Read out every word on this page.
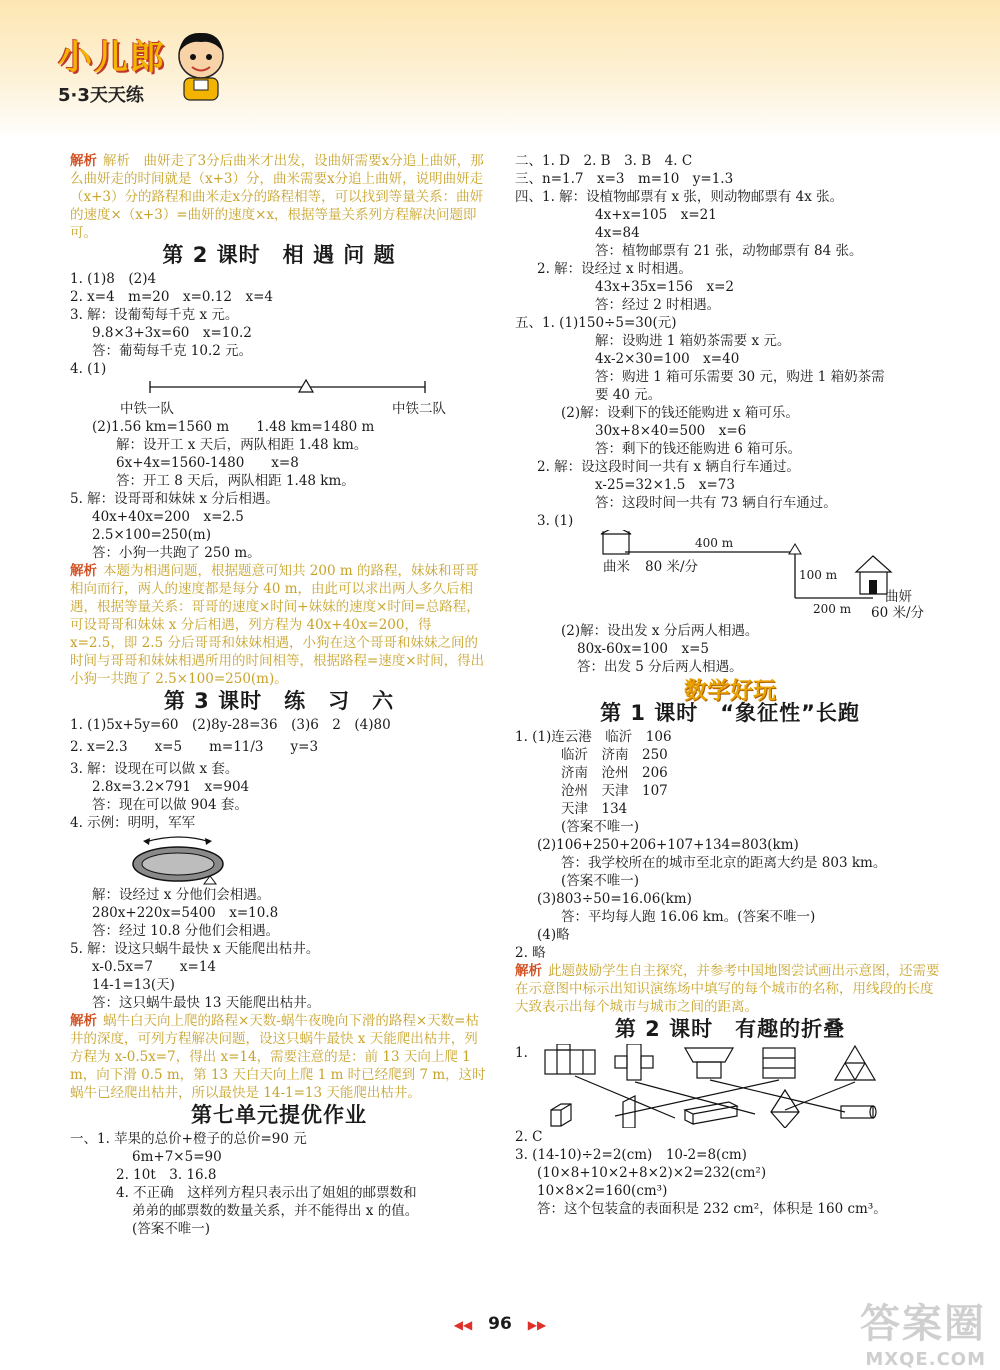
小儿郎
5·3天天练
解析 解析　曲妍走了3分后曲米才出发，设曲妍需要x分追上曲妍，那么曲妍走的时间就是（x+3）分，曲米需要x分追上曲妍，说明曲妍走（x+3）分的路程和曲米走x分的路程相等，可以找到等量关系：曲妍的速度×（x+3）=曲妍的速度×x，根据等量关系列方程解决问题即可。
第 2 课时　相 遇 问 题
1. (1)8　(2)4
2. x=4　m=20　x=0.12　x=4
3. 解：设葡萄每千克 x 元。
9.8×3+3x=60　x=10.2
答：葡萄每千克 10.2 元。
4. (1)
中铁一队	中铁二队
(2)1.56 km=1560 m　　1.48 km=1480 m
解：设开工 x 天后，两队相距 1.48 km。
6x+4x=1560-1480　　x=8
答：开工 8 天后，两队相距 1.48 km。
5. 解：设哥哥和妹妹 x 分后相遇。
40x+40x=200　x=2.5
2.5×100=250(m)
答：小狗一共跑了 250 m。
解析 本题为相遇问题，根据题意可知共 200 m 的路程，妹妹和哥哥相向而行，两人的速度都是每分 40 m，由此可以求出两人多久后相遇，根据等量关系：哥哥的速度×时间+妹妹的速度×时间=总路程，可设哥哥和妹妹 x 分后相遇，列方程为 40x+40x=200，得 x=2.5，即 2.5 分后哥哥和妹妹相遇，小狗在这个哥哥和妹妹之间的时间与哥哥和妹妹相遇所用的时间相等，根据路程=速度×时间，得出小狗一共跑了 2.5×100=250(m)。
第 3 课时　练　习　六
1. (1)5x+5y=60　(2)8y-28=36　(3)6　2　(4)80
2. x=2.3　　x=5　　m=11/3　　y=3
3. 解：设现在可以做 x 套。
2.8x=3.2×791　x=904
答：现在可以做 904 套。
4. 示例：明明，军军
解：设经过 x 分他们会相遇。
280x+220x=5400　x=10.8
答：经过 10.8 分他们会相遇。
5. 解：设这只蜗牛最快 x 天能爬出枯井。
x-0.5x=7　　x=14
14-1=13(天)
答：这只蜗牛最快 13 天能爬出枯井。
解析 蜗牛白天向上爬的路程×天数-蜗牛夜晚向下滑的路程×天数=枯井的深度，可列方程解决问题，设这只蜗牛最快 x 天能爬出枯井，列方程为 x-0.5x=7，得出 x=14，需要注意的是：前 13 天向上爬 1 m，向下滑 0.5 m，第 13 天白天向上爬 1 m 时已经爬到 7 m，这时蜗牛已经爬出枯井，所以最快是 14-1=13 天能爬出枯井。
第七单元提优作业
一、1. 苹果的总价+橙子的总价=90 元
6m+7×5=90
2. 10t　3. 16.8
4. 不正确　这样列方程只表示出了姐姐的邮票数和
弟弟的邮票数的数量关系，并不能得出 x 的值。
(答案不唯一)
二、1. D　2. B　3. B　4. C
三、n=1.7　x=3　m=10　y=1.3
四、1. 解：设植物邮票有 x 张，则动物邮票有 4x 张。
4x+x=105　x=21
4x=84
答：植物邮票有 21 张，动物邮票有 84 张。
2. 解：设经过 x 时相遇。
43x+35x=156　x=2
答：经过 2 时相遇。
五、1. (1)150÷5=30(元)
解：设购进 1 箱奶茶需要 x 元。
4x-2×30=100　x=40
答：购进 1 箱可乐需要 30 元，购进 1 箱奶茶需
要 40 元。
(2)解：设剩下的钱还能购进 x 箱可乐。
30x+8×40=500　x=6
答：剩下的钱还能购进 6 箱可乐。
2. 解：设这段时间一共有 x 辆自行车通过。
x-25=32×1.5　x=73
答：这段时间一共有 73 辆自行车通过。
3. (1)
400 m
100 m
200 m
曲米 80 米/分
曲妍
60 米/分
(2)解：设出发 x 分后两人相遇。
80x-60x=100　x=5
答：出发 5 分后两人相遇。
数学好玩
第 1 课时　“象征性”长跑
1. (1)连云港　临沂　106
临沂　济南　250
济南　沧州　206
沧州　天津　107
天津　134
(答案不唯一)
(2)106+250+206+107+134=803(km)
答：我学校所在的城市至北京的距离大约是 803 km。
(答案不唯一)
(3)803÷50=16.06(km)
答：平均每人跑 16.06 km。(答案不唯一)
(4)略
2. 略
解析 此题鼓励学生自主探究，并参考中国地图尝试画出示意图，还需要在示意图中标示出知识演练场中填写的每个城市的名称，用线段的长度大致表示出每个城市与城市之间的距离。
第 2 课时　有趣的折叠
1.
2. C
3. (14-10)÷2=2(cm)　10-2=8(cm)
(10×8+10×2+8×2)×2=232(cm²)
10×8×2=160(cm³)
答：这个包装盒的表面积是 232 cm²，体积是 160 cm³。
◀◀ 96 ▶▶	答案圈
MXQE.COM
